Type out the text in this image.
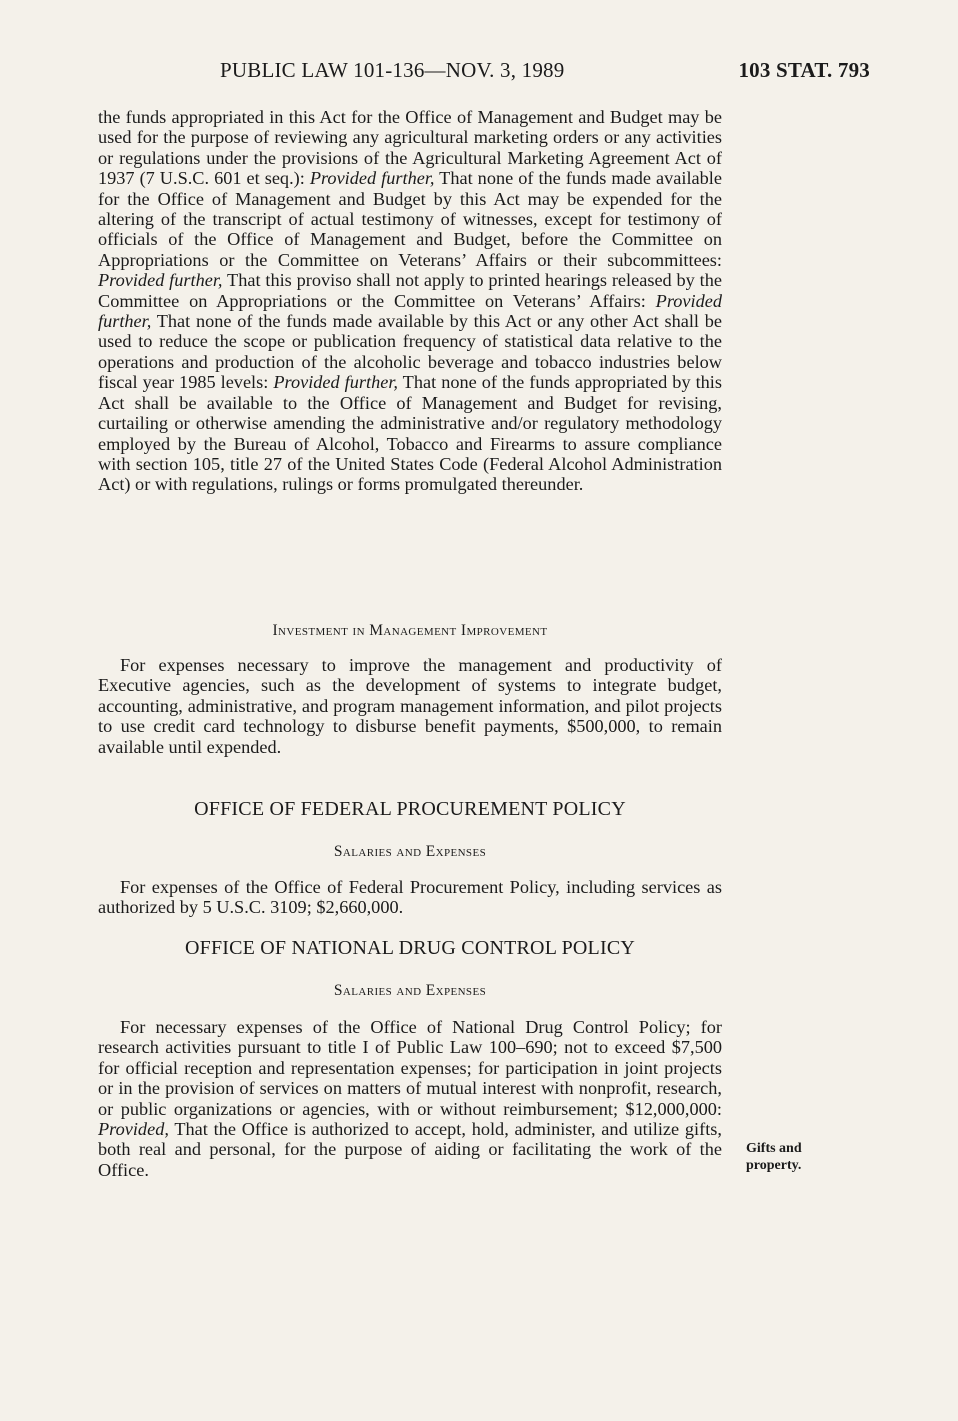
PUBLIC LAW 101-136—NOV. 3, 1989	103 STAT. 793

the funds appropriated in this Act for the Office of Management and Budget may be used for the purpose of reviewing any agricultural marketing orders or any activities or regulations under the provisions of the Agricultural Marketing Agreement Act of 1937 (7 U.S.C. 601 et seq.): Provided further, That none of the funds made available for the Office of Management and Budget by this Act may be expended for the altering of the transcript of actual testimony of witnesses, except for testimony of officials of the Office of Management and Budget, before the Committee on Appropriations or the Committee on Veterans’ Affairs or their subcommittees: Provided further, That this proviso shall not apply to printed hearings released by the Committee on Appropriations or the Committee on Veterans’ Affairs: Provided further, That none of the funds made available by this Act or any other Act shall be used to reduce the scope or publication frequency of statistical data relative to the operations and production of the alcoholic beverage and tobacco industries below fiscal year 1985 levels: Provided further, That none of the funds appropriated by this Act shall be available to the Office of Management and Budget for revising, curtailing or otherwise amending the administrative and/or regulatory methodology employed by the Bureau of Alcohol, Tobacco and Firearms to assure compliance with section 105, title 27 of the United States Code (Federal Alcohol Administration Act) or with regulations, rulings or forms promulgated thereunder.

Investment in Management Improvement

For expenses necessary to improve the management and productivity of Executive agencies, such as the development of systems to integrate budget, accounting, administrative, and program management information, and pilot projects to use credit card technology to disburse benefit payments, $500,000, to remain available until expended.

OFFICE OF FEDERAL PROCUREMENT POLICY
Salaries and Expenses

For expenses of the Office of Federal Procurement Policy, including services as authorized by 5 U.S.C. 3109; $2,660,000.

OFFICE OF NATIONAL DRUG CONTROL POLICY
Salaries and Expenses

For necessary expenses of the Office of National Drug Control Policy; for research activities pursuant to title I of Public Law 100–690; not to exceed $7,500 for official reception and representation expenses; for participation in joint projects or in the provision of services on matters of mutual interest with nonprofit, research, or public organizations or agencies, with or without reimbursement; $12,000,000: Provided, That the Office is authorized to accept, hold, administer, and utilize gifts, both real and personal, for the purpose of aiding or facilitating the work of the Office.

Gifts and property.
